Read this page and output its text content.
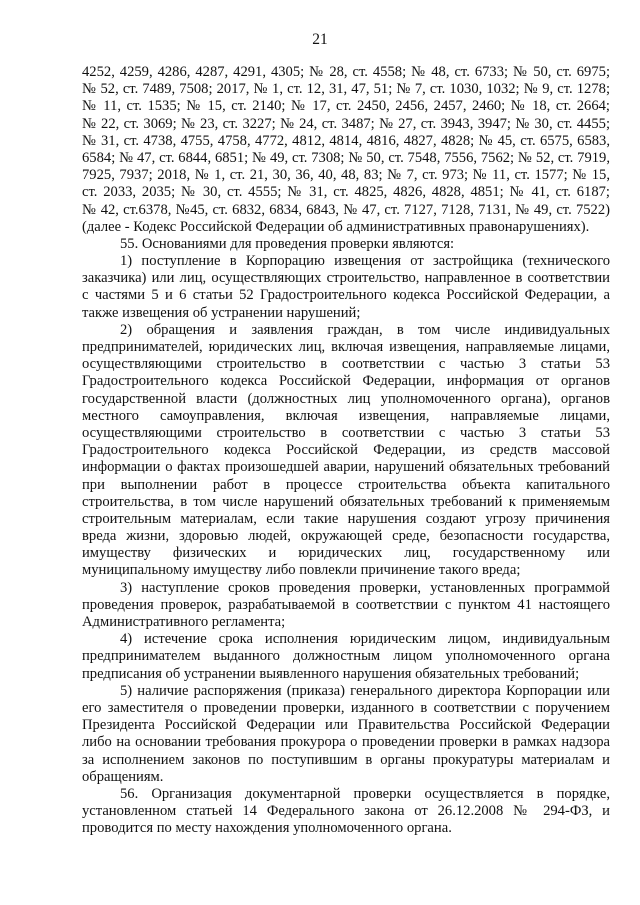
21
4252, 4259, 4286, 4287, 4291, 4305; № 28, ст. 4558; № 48, ст. 6733; № 50, ст. 6975;
№ 52, ст. 7489, 7508; 2017, № 1, ст. 12, 31, 47, 51; № 7, ст. 1030, 1032; № 9, ст. 1278;
№ 11, ст. 1535; № 15, ст. 2140; № 17, ст. 2450, 2456, 2457, 2460; № 18, ст. 2664;
№ 22, ст. 3069; № 23, ст. 3227; № 24, ст. 3487; № 27, ст. 3943, 3947; № 30, ст. 4455;
№ 31, ст. 4738, 4755, 4758, 4772, 4812, 4814, 4816, 4827, 4828; № 45, ст. 6575, 6583,
6584; № 47, ст. 6844, 6851; № 49, ст. 7308; № 50, ст. 7548, 7556, 7562; № 52, ст. 7919,
7925, 7937; 2018, № 1, ст. 21, 30, 36, 40, 48, 83; № 7, ст. 973; № 11, ст. 1577; № 15,
ст. 2033, 2035; № 30, ст. 4555; № 31, ст. 4825, 4826, 4828, 4851; № 41, ст. 6187;
№ 42, ст.6378, №45, ст. 6832, 6834, 6843, № 47, ст. 7127, 7128, 7131, № 49, ст. 7522)
(далее - Кодекс Российской Федерации об административных правонарушениях).
55. Основаниями для проведения проверки являются:
1) поступление в Корпорацию извещения от застройщика (технического
заказчика) или лиц, осуществляющих строительство, направленное в соответствии
с частями 5 и 6 статьи 52 Градостроительного кодекса Российской Федерации, а
также извещения об устранении нарушений;
2) обращения и заявления граждан, в том числе индивидуальных
предпринимателей, юридических лиц, включая извещения, направляемые лицами,
осуществляющими строительство в соответствии с частью 3 статьи 53
Градостроительного кодекса Российской Федерации, информация от органов
государственной власти (должностных лиц уполномоченного органа), органов
местного самоуправления, включая извещения, направляемые лицами,
осуществляющими строительство в соответствии с частью 3 статьи 53
Градостроительного кодекса Российской Федерации, из средств массовой
информации о фактах произошедшей аварии, нарушений обязательных требований
при выполнении работ в процессе строительства объекта капитального
строительства, в том числе нарушений обязательных требований к применяемым
строительным материалам, если такие нарушения создают угрозу причинения
вреда жизни, здоровью людей, окружающей среде, безопасности государства,
имуществу физических и юридических лиц, государственному или
муниципальному имуществу либо повлекли причинение такого вреда;
3) наступление сроков проведения проверки, установленных программой
проведения проверок, разрабатываемой в соответствии с пунктом 41 настоящего
Административного регламента;
4) истечение срока исполнения юридическим лицом, индивидуальным
предпринимателем выданного должностным лицом уполномоченного органа
предписания об устранении выявленного нарушения обязательных требований;
5) наличие распоряжения (приказа) генерального директора Корпорации или
его заместителя о проведении проверки, изданного в соответствии с поручением
Президента Российской Федерации или Правительства Российской Федерации
либо на основании требования прокурора о проведении проверки в рамках надзора
за исполнением законов по поступившим в органы прокуратуры материалам и
обращениям.
56. Организация документарной проверки осуществляется в порядке,
установленном статьей 14 Федерального закона от 26.12.2008 № 294-ФЗ, и
проводится по месту нахождения уполномоченного органа.
